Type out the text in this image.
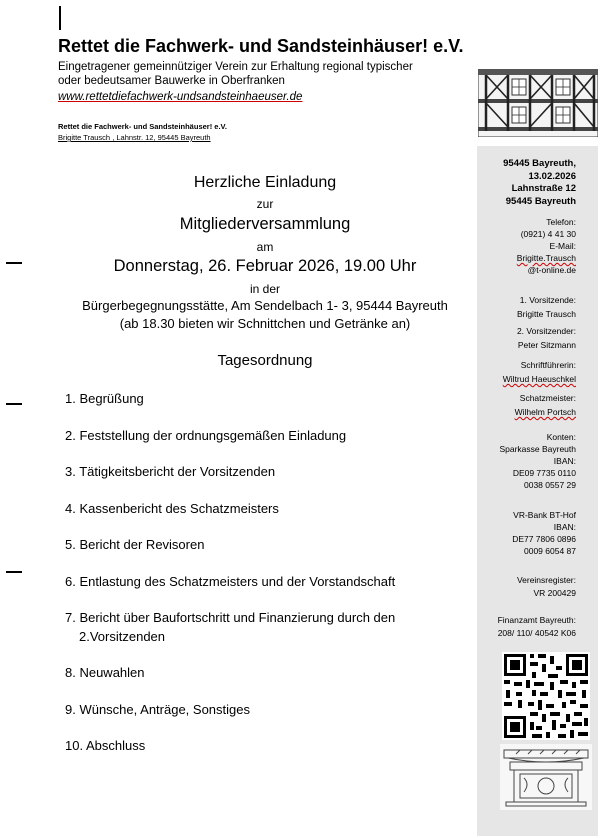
Rettet die Fachwerk- und Sandsteinhäuser! e.V.
Eingetragener gemeinnütziger Verein zur Erhaltung regional typischer
oder bedeutsamer Bauwerke in Oberfranken
www.rettetdiefachwerk-undsandsteinhaeuser.de
Rettet die Fachwerk- und Sandsteinhäuser! e.V.
Brigitte Trausch , Lahnstr. 12, 95445 Bayreuth
Herzliche Einladung
zur
Mitgliederversammlung
am
Donnerstag, 26. Februar 2026, 19.00 Uhr
in der
Bürgerbegegnungsstätte, Am Sendelbach 1- 3, 95444 Bayreuth
(ab 18.30 bieten wir Schnittchen und Getränke an)
Tagesordnung
1. Begrüßung
2. Feststellung der ordnungsgemäßen Einladung
3. Tätigkeitsbericht der Vorsitzenden
4. Kassenbericht des Schatzmeisters
5. Bericht der Revisoren
6. Entlastung des Schatzmeisters und der Vorstandschaft
7. Bericht über Baufortschritt und Finanzierung durch den
2.Vorsitzenden
8. Neuwahlen
9. Wünsche, Anträge, Sonstiges
10. Abschluss
95445 Bayreuth,
13.02.2026
Lahnstraße 12
95445 Bayreuth
Telefon:
(0921) 4 41 30
E-Mail:
Brigitte.Trausch
@t-online.de
1. Vorsitzende:
Brigitte Trausch
2. Vorsitzender:
Peter Sitzmann
Schriftführerin:
Wiltrud Haeuschkel
Schatzmeister:
Wilhelm Portsch
Konten:
Sparkasse Bayreuth
IBAN:
DE09 7735 0110
0038 0557 29
VR-Bank BT-Hof
IBAN:
DE77 7806 0896
0009 6054 87
Vereinsregister:
VR 200429
Finanzamt Bayreuth:
208/ 110/ 40542 K06
